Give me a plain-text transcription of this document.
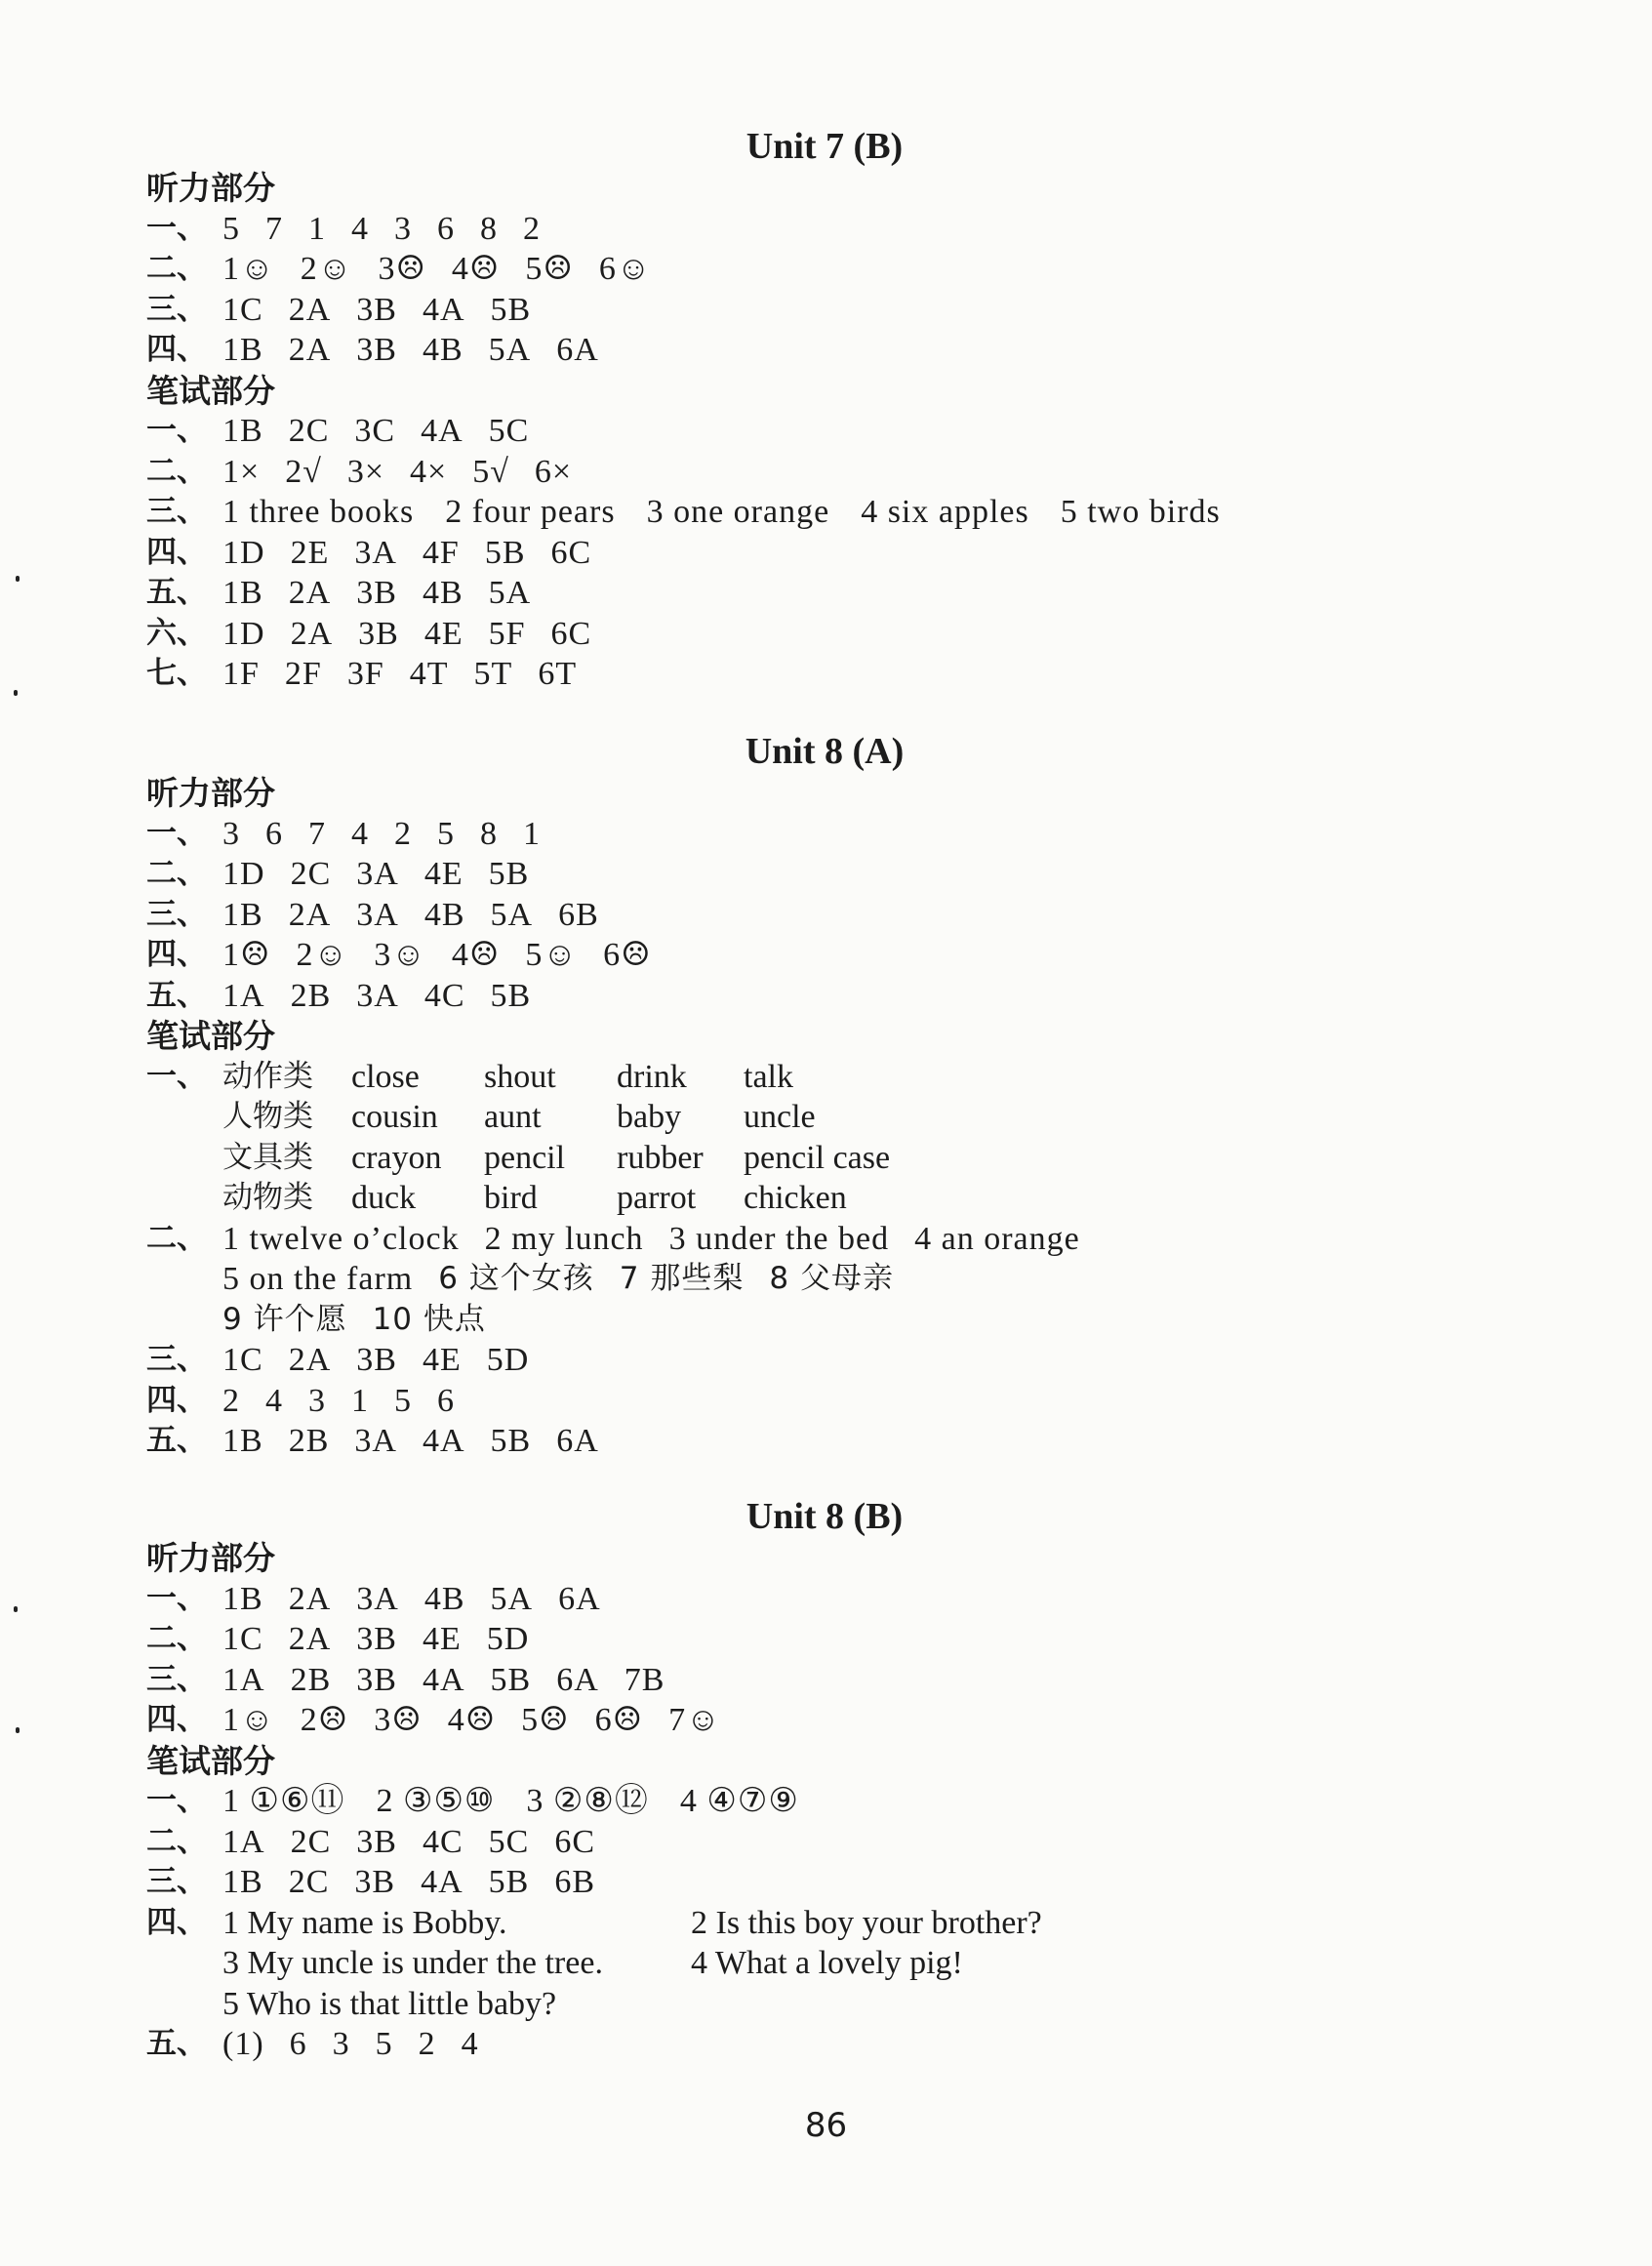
Unit 7 (B)
听力部分
一、 5 7 1 4 3 6 8 2
二、 1☺ 2☺ 3☹ 4☹ 5☹ 6☺
三、 1C 2A 3B 4A 5B
四、 1B 2A 3B 4B 5A 6A
笔试部分
一、 1B 2C 3C 4A 5C
二、 1× 2√ 3× 4× 5√ 6×
三、 1 three books 2 four pears 3 one orange 4 six apples 5 two birds
四、 1D 2E 3A 4F 5B 6C
五、 1B 2A 3B 4B 5A
六、 1D 2A 3B 4E 5F 6C
七、 1F 2F 3F 4T 5T 6T
Unit 8 (A)
听力部分
一、 3 6 7 4 2 5 8 1
二、 1D 2C 3A 4E 5B
三、 1B 2A 3A 4B 5A 6B
四、 1☹ 2☺ 3☺ 4☹ 5☺ 6☹
五、 1A 2B 3A 4C 5B
笔试部分
一、 动作类	close	shout	drink	talk
人物类	cousin	aunt	baby	uncle
文具类	crayon	pencil	rubber	pencil case
动物类	duck	bird	parrot	chicken
二、 1 twelve o’clock 2 my lunch 3 under the bed 4 an orange
5 on the farm 6 这个女孩 7 那些梨 8 父母亲
9 许个愿 10 快点
三、 1C 2A 3B 4E 5D
四、 2 4 3 1 5 6
五、 1B 2B 3A 4A 5B 6A
Unit 8 (B)
听力部分
一、 1B 2A 3A 4B 5A 6A
二、 1C 2A 3B 4E 5D
三、 1A 2B 3B 4A 5B 6A 7B
四、 1☺ 2☹ 3☹ 4☹ 5☹ 6☹ 7☺
笔试部分
一、 1 ①⑥⑪ 2 ③⑤⑩ 3 ②⑧⑫ 4 ④⑦⑨
二、 1A 2C 3B 4C 5C 6C
三、 1B 2C 3B 4A 5B 6B
四、 1 My name is Bobby.	2 Is this boy your brother?
3 My uncle is under the tree.	4 What a lovely pig!
5 Who is that little baby?
五、 (1) 6 3 5 2 4
86
